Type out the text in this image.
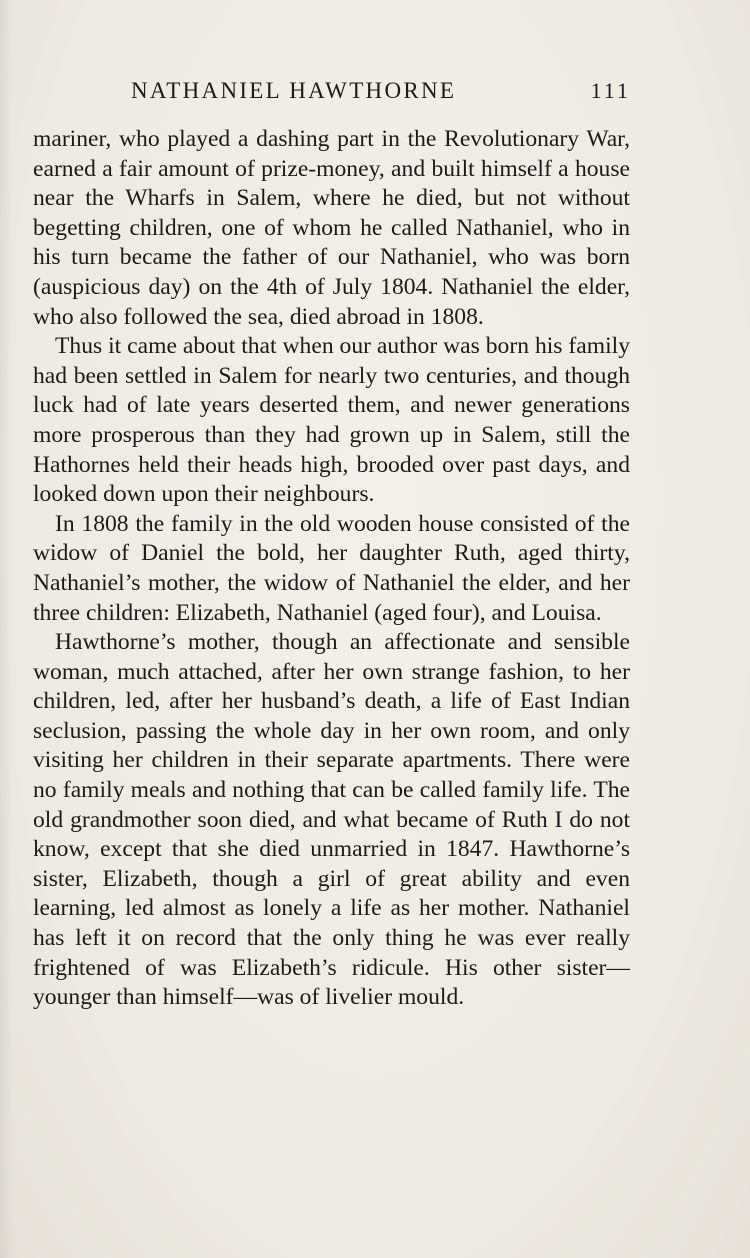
NATHANIEL HAWTHORNE	111

mariner, who played a dashing part in the Revolutionary War, earned a fair amount of prize-money, and built himself a house near the Wharfs in Salem, where he died, but not without begetting children, one of whom he called Nathaniel, who in his turn became the father of our Nathaniel, who was born (auspicious day) on the 4th of July 1804. Nathaniel the elder, who also followed the sea, died abroad in 1808.

Thus it came about that when our author was born his family had been settled in Salem for nearly two centuries, and though luck had of late years deserted them, and newer generations more prosperous than they had grown up in Salem, still the Hathornes held their heads high, brooded over past days, and looked down upon their neighbours.

In 1808 the family in the old wooden house consisted of the widow of Daniel the bold, her daughter Ruth, aged thirty, Nathaniel’s mother, the widow of Nathaniel the elder, and her three children: Elizabeth, Nathaniel (aged four), and Louisa.

Hawthorne’s mother, though an affectionate and sensible woman, much attached, after her own strange fashion, to her children, led, after her husband’s death, a life of East Indian seclusion, passing the whole day in her own room, and only visiting her children in their separate apartments. There were no family meals and nothing that can be called family life. The old grandmother soon died, and what became of Ruth I do not know, except that she died unmarried in 1847. Hawthorne’s sister, Elizabeth, though a girl of great ability and even learning, led almost as lonely a life as her mother. Nathaniel has left it on record that the only thing he was ever really frightened of was Elizabeth’s ridicule. His other sister—younger than himself—was of livelier mould.
